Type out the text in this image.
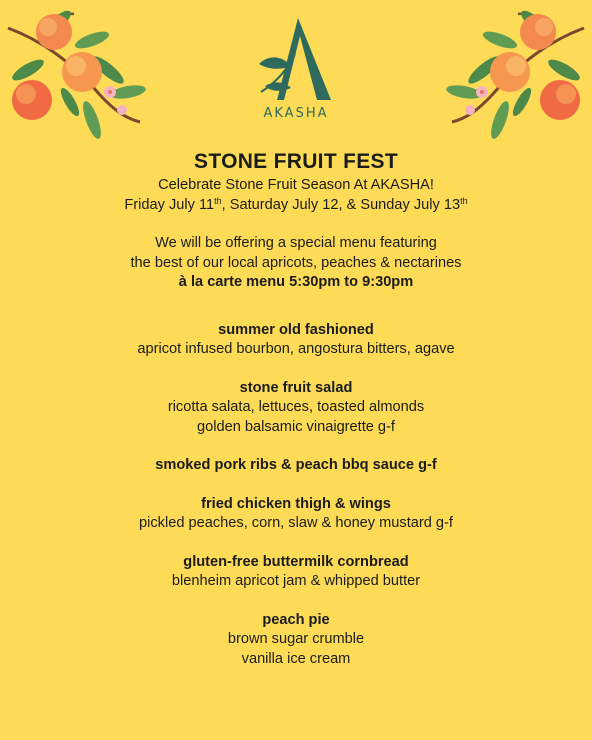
AKASHA

STONE FRUIT FEST

Celebrate Stone Fruit Season At AKASHA!

Friday July 11th, Saturday July 12, & Sunday July 13th

We will be offering a special menu featuring

the best of our local apricots, peaches & nectarines

à la carte menu 5:30pm to 9:30pm

summer old fashioned

apricot infused bourbon, angostura bitters, agave

stone fruit salad

ricotta salata, lettuces, toasted almonds

golden balsamic vinaigrette g-f

smoked pork ribs & peach bbq sauce g-f

fried chicken thigh & wings

pickled peaches, corn, slaw & honey mustard g-f

gluten-free buttermilk cornbread

blenheim apricot jam & whipped butter

peach pie

brown sugar crumble

vanilla ice cream
